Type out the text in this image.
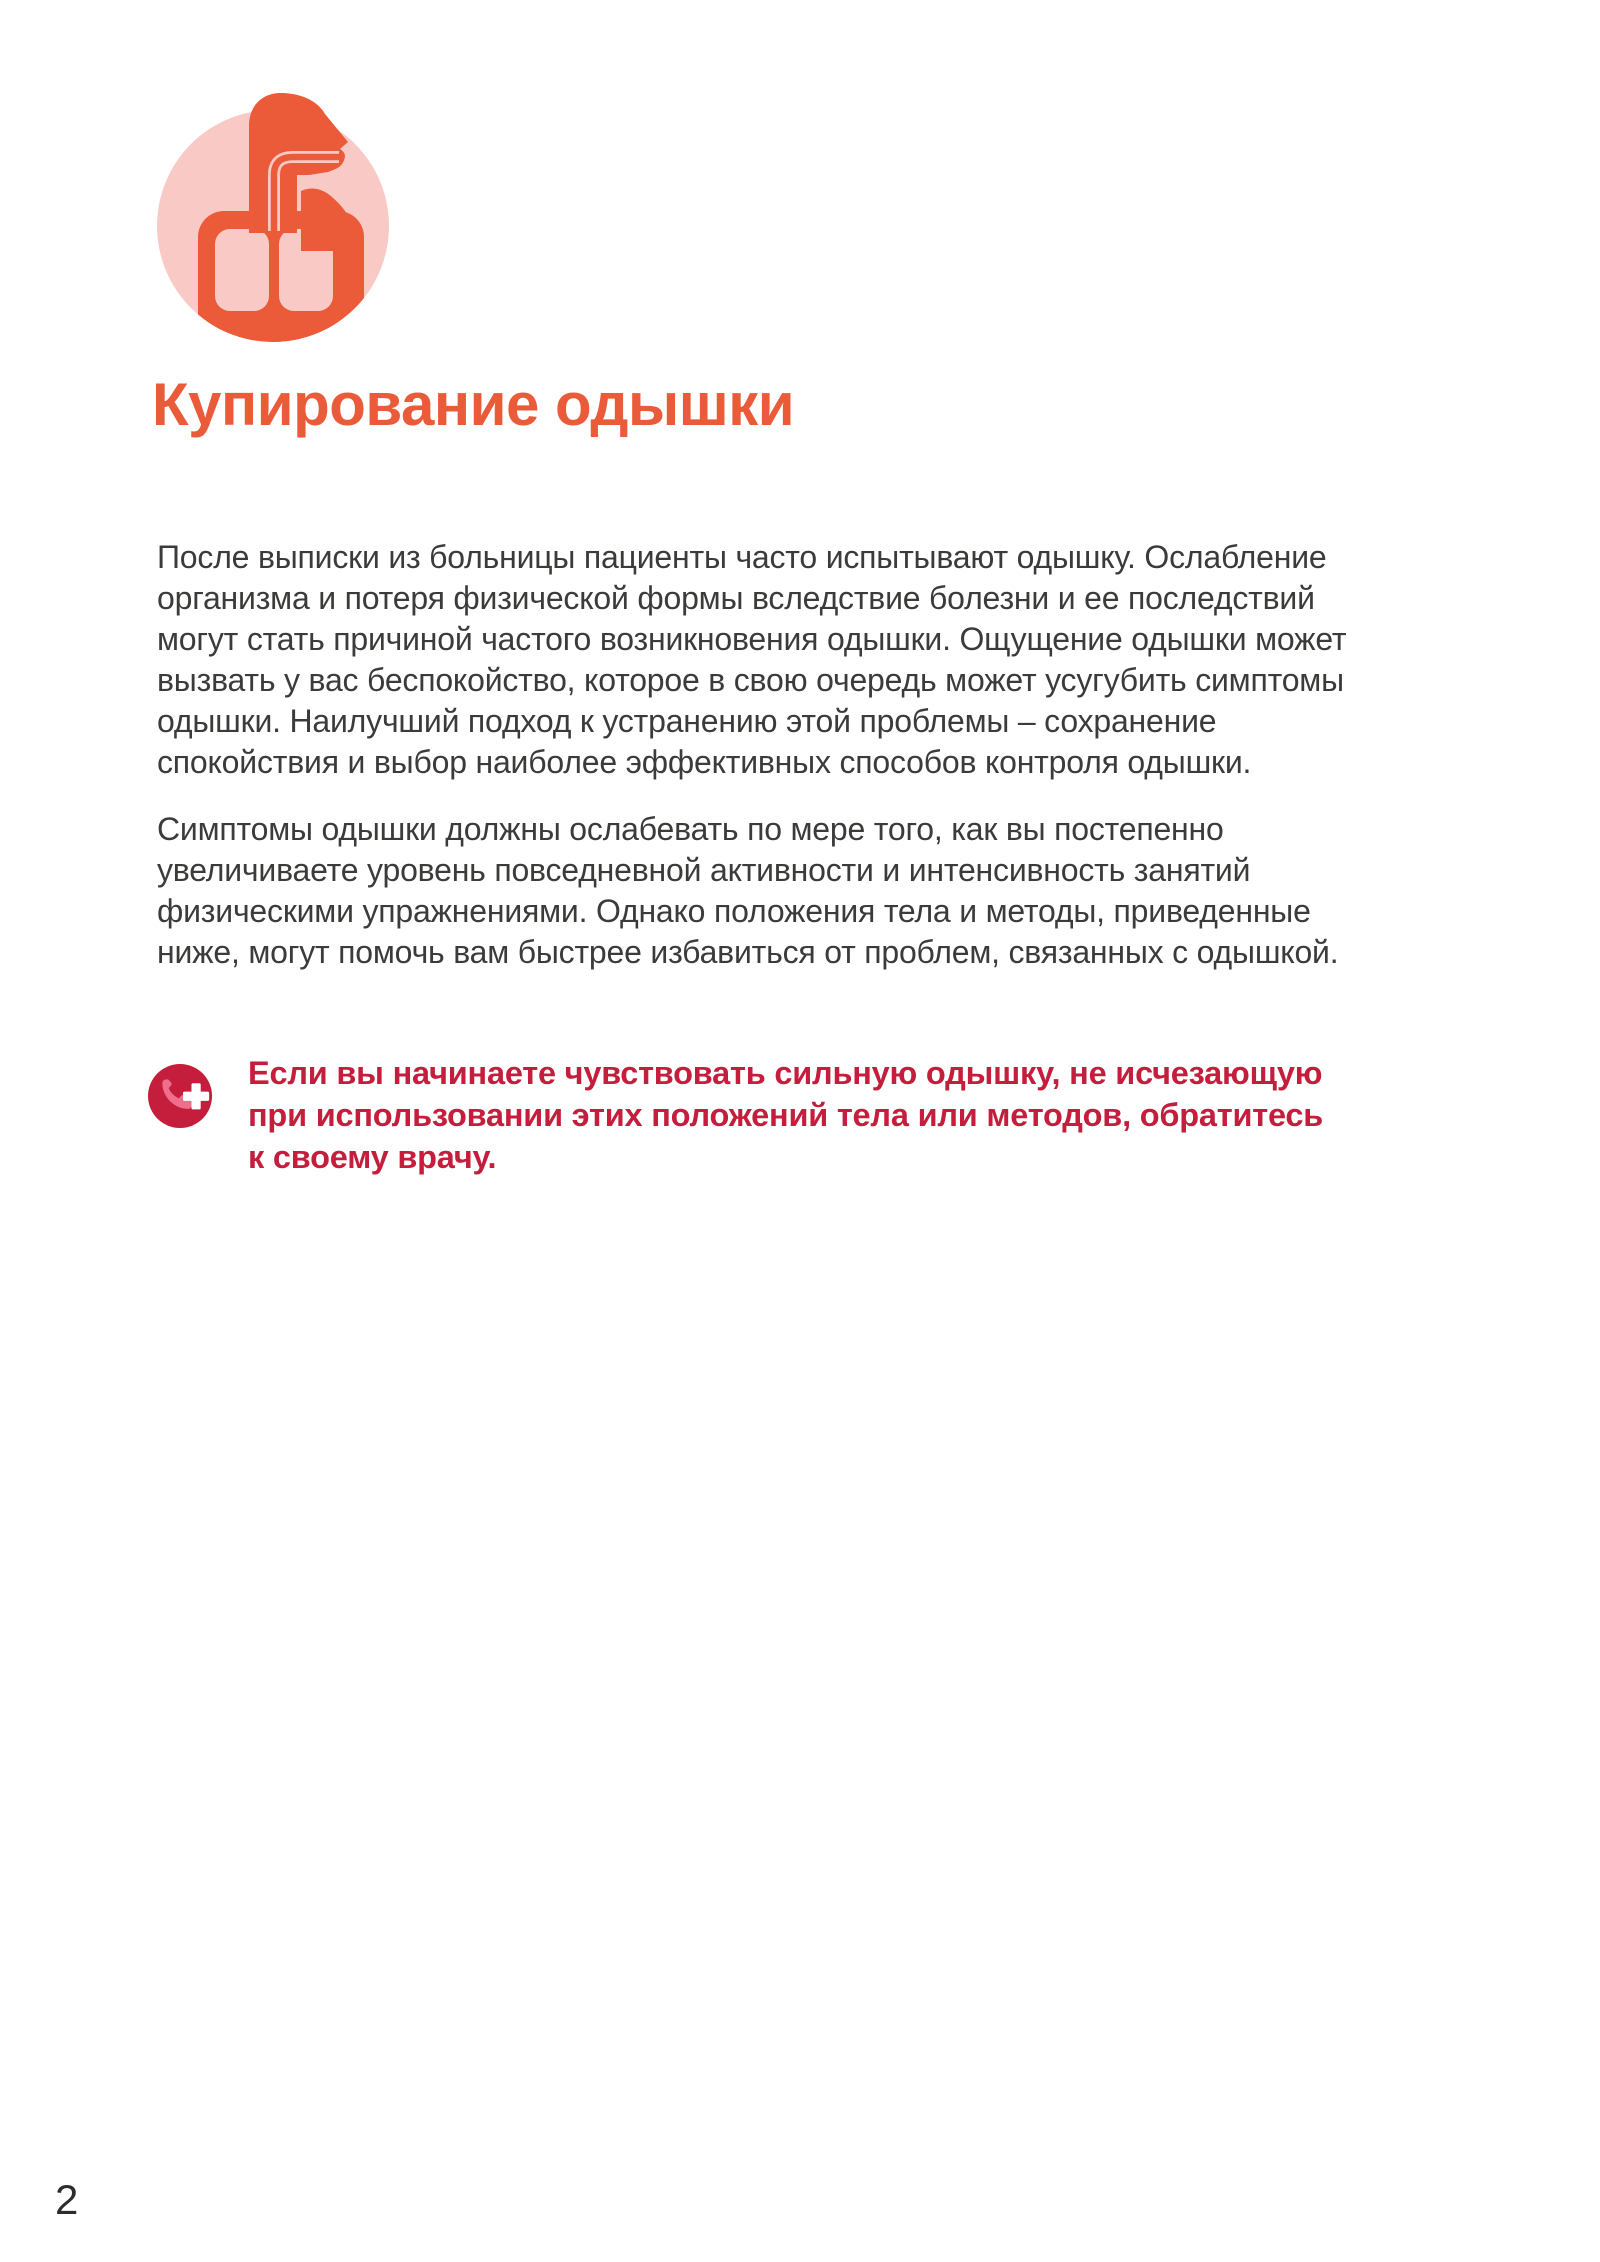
Купирование одышки
После выписки из больницы пациенты часто испытывают одышку. Ослабление
организма и потеря физической формы вследствие болезни и ее последствий
могут стать причиной частого возникновения одышки. Ощущение одышки может
вызвать у вас беспокойство, которое в свою очередь может усугубить симптомы
одышки. Наилучший подход к устранению этой проблемы – сохранение
спокойствия и выбор наиболее эффективных способов контроля одышки.
Симптомы одышки должны ослабевать по мере того, как вы постепенно
увеличиваете уровень повседневной активности и интенсивность занятий
физическими упражнениями. Однако положения тела и методы, приведенные
ниже, могут помочь вам быстрее избавиться от проблем, связанных с одышкой.
Если вы начинаете чувствовать сильную одышку, не исчезающую
при использовании этих положений тела или методов, обратитесь
к своему врачу.
2
